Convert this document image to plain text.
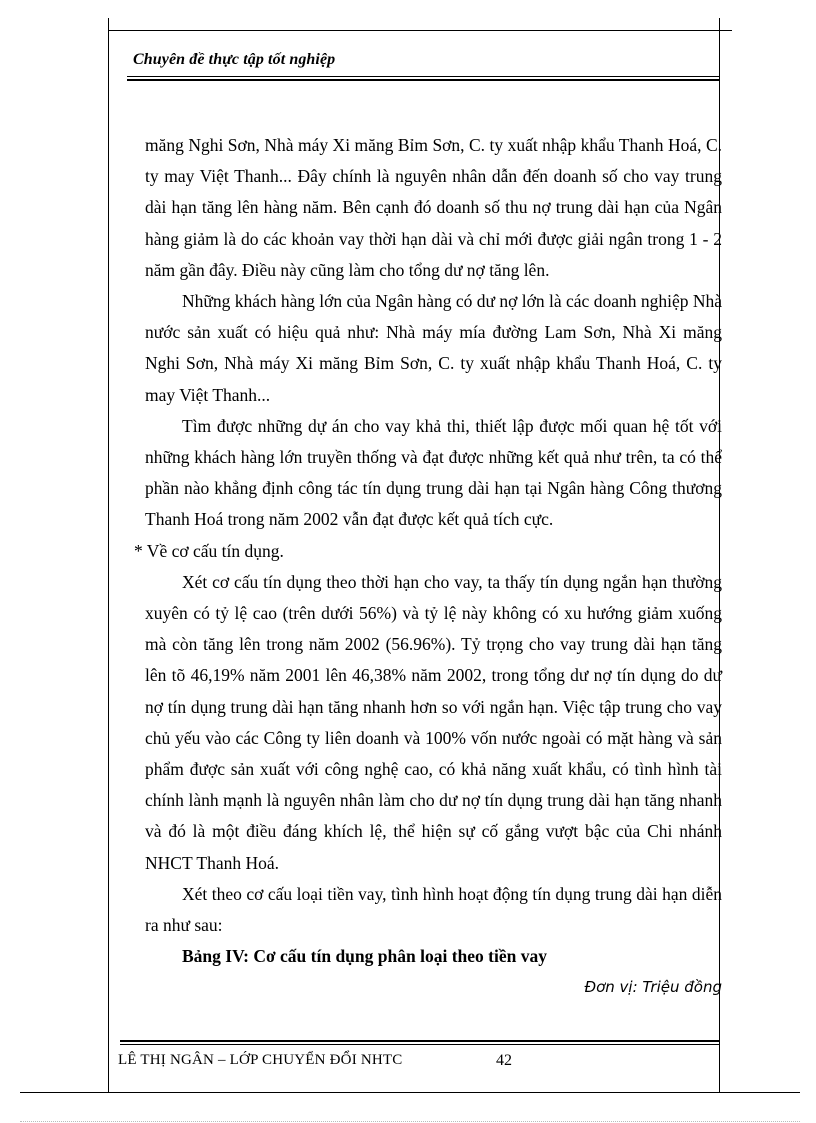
Chuyên đề thực tập tốt nghiệp

măng Nghi Sơn, Nhà máy Xi măng Bỉm Sơn, C. ty xuất nhập khẩu Thanh Hoá, C. ty may Việt Thanh... Đây chính là nguyên nhân dẫn đến doanh số cho vay trung dài hạn tăng lên hàng năm. Bên cạnh đó doanh số thu nợ trung dài hạn của Ngân hàng giảm là do các khoản vay thời hạn dài và chỉ mới được giải ngân trong 1 - 2 năm gần đây. Điều này cũng làm cho tổng dư nợ tăng lên.

Những khách hàng lớn của Ngân hàng có dư nợ lớn là các doanh nghiệp Nhà nước sản xuất có hiệu quả như: Nhà máy mía đường Lam Sơn, Nhà Xi măng Nghi Sơn, Nhà máy Xi măng Bỉm Sơn, C. ty xuất nhập khẩu Thanh Hoá, C. ty may Việt Thanh...

Tìm được những dự án cho vay khả thi, thiết lập được mối quan hệ tốt với những khách hàng lớn truyền thống và đạt được những kết quả như trên, ta có thể phần nào khẳng định công tác tín dụng trung dài hạn tại Ngân hàng Công thương Thanh Hoá trong năm 2002 vẫn đạt được kết quả tích cực.

* Về cơ cấu tín dụng.

Xét cơ cấu tín dụng theo thời hạn cho vay, ta thấy tín dụng ngắn hạn thường xuyên có tỷ lệ cao (trên dưới 56%) và tỷ lệ này không có xu hướng giảm xuống mà còn tăng lên trong năm 2002 (56.96%). Tỷ trọng cho vay trung dài hạn tăng lên tõ 46,19% năm 2001 lên 46,38% năm 2002, trong tổng dư nợ tín dụng do dư nợ tín dụng trung dài hạn tăng nhanh hơn so với ngắn hạn. Việc tập trung cho vay chủ yếu vào các Công ty liên doanh và 100% vốn nước ngoài có mặt hàng và sản phẩm được sản xuất với công nghệ cao, có khả năng xuất khẩu, có tình hình tài chính lành mạnh là nguyên nhân làm cho dư nợ tín dụng trung dài hạn tăng nhanh và đó là một điều đáng khích lệ, thể hiện sự cố gắng vượt bậc của Chi nhánh NHCT Thanh Hoá.

Xét theo cơ cấu loại tiền vay, tình hình hoạt động tín dụng trung dài hạn diễn ra như sau:

Bảng IV: Cơ cấu tín dụng phân loại theo tiền vay

Đơn vị: Triệu đồng

LÊ THỊ NGÂN – LỚP CHUYỂN ĐỔI NHTC	42
